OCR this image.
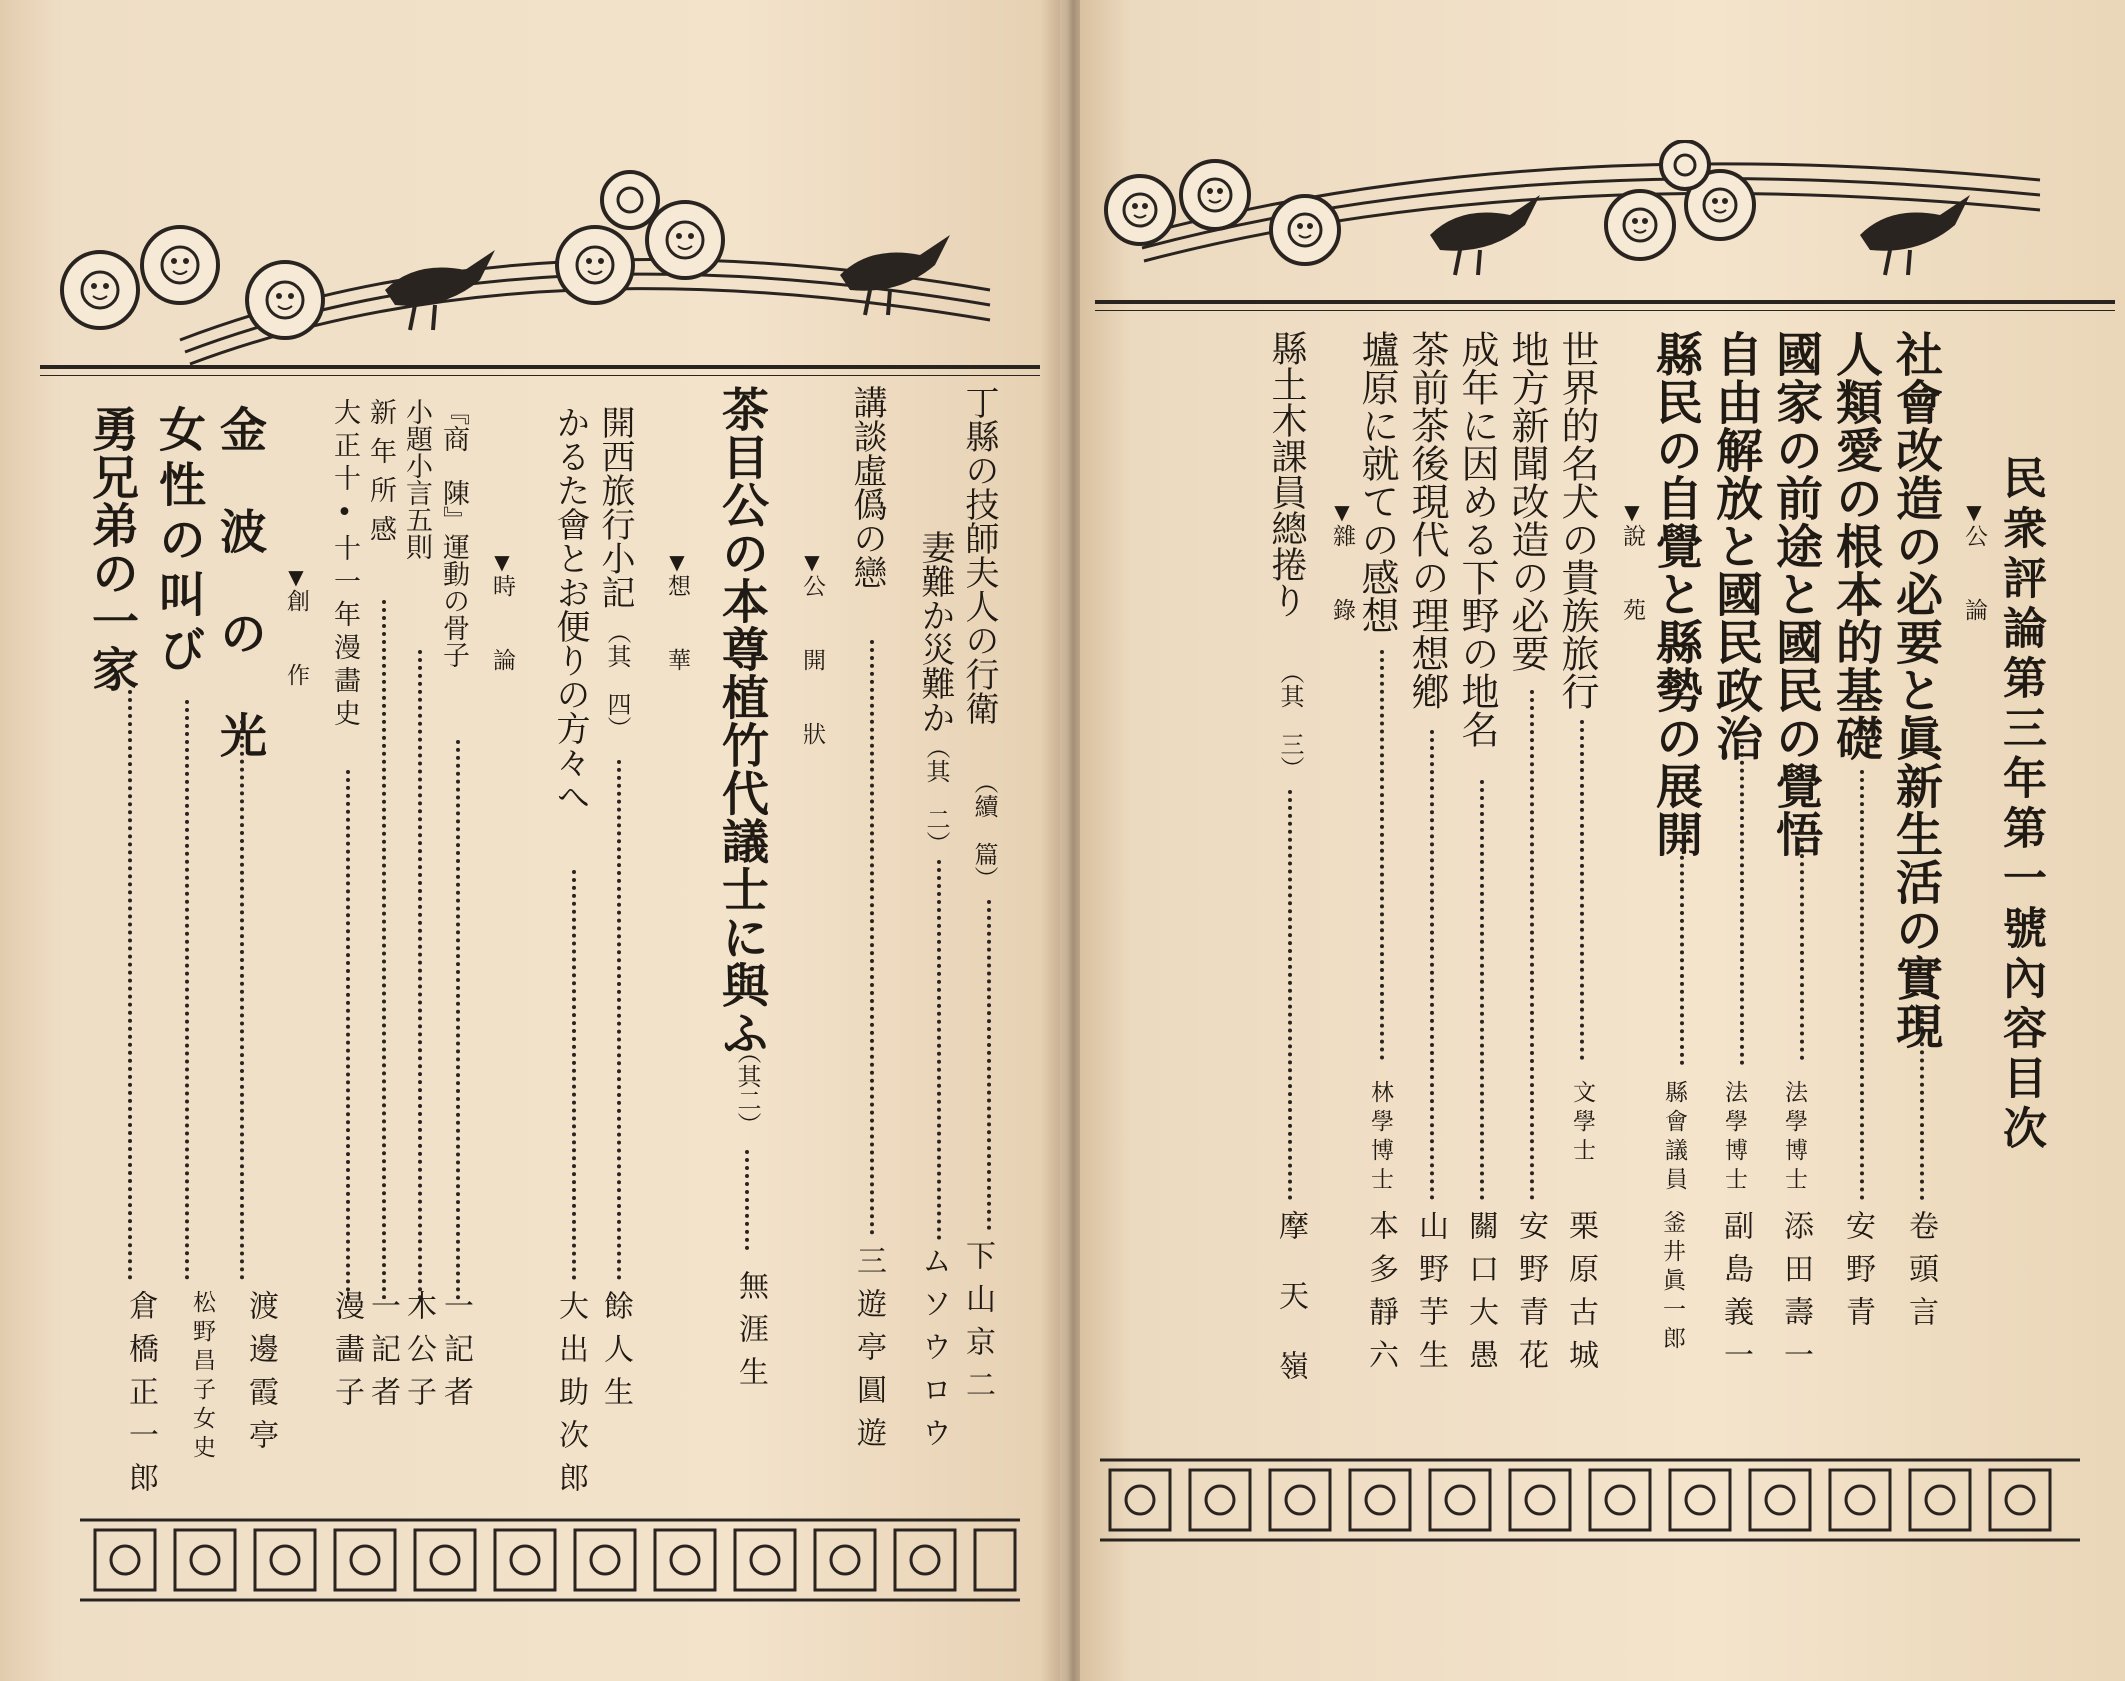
丁縣の技師夫人の行衛
（續　篇）
下山京二
妻難か災難か
（其　二）
ムソウロウ
講談虛僞の戀
三遊亭圓遊
▼公　開　狀
茶目公の本尊植竹代議士に與ふ
（其二）
無涯生
▼想　華
開西旅行小記
（其　四）
餘人生
かるた會とお便りの方々へ
大出助次郎
▼時　論
『商　陳』運動の骨子
一記者
小題小言五則
木公子
新年所感
一記者
大正十•十一年漫畵史
漫畵子
▼創　作
金　波　の　光
渡邊霞亭
女性の叫び
松野昌子女史
勇兄弟の一家
倉橋正一郎

民衆評論第三年第一號內容目次
▼公　論
社會改造の必要と眞新生活の實現
卷頭言
人類愛の根本的基礎
安野青
國家の前途と國民の覺悟
法學博士
添田壽一
自由解放と國民政治
法學博士
副島義一
縣民の自覺と縣勢の展開
縣會議員
釜井眞一郎
▼說　苑
世界的名犬の貴族旅行
文學士
栗原古城
地方新聞改造の必要
安野青花
成年に因める下野の地名
關口大愚
茶前茶後現代の理想鄕
山野芋生
壚原に就ての感想
林學博士
本多靜六
▼雜　錄
縣土木課員總捲り
（其　三）
摩天嶺
